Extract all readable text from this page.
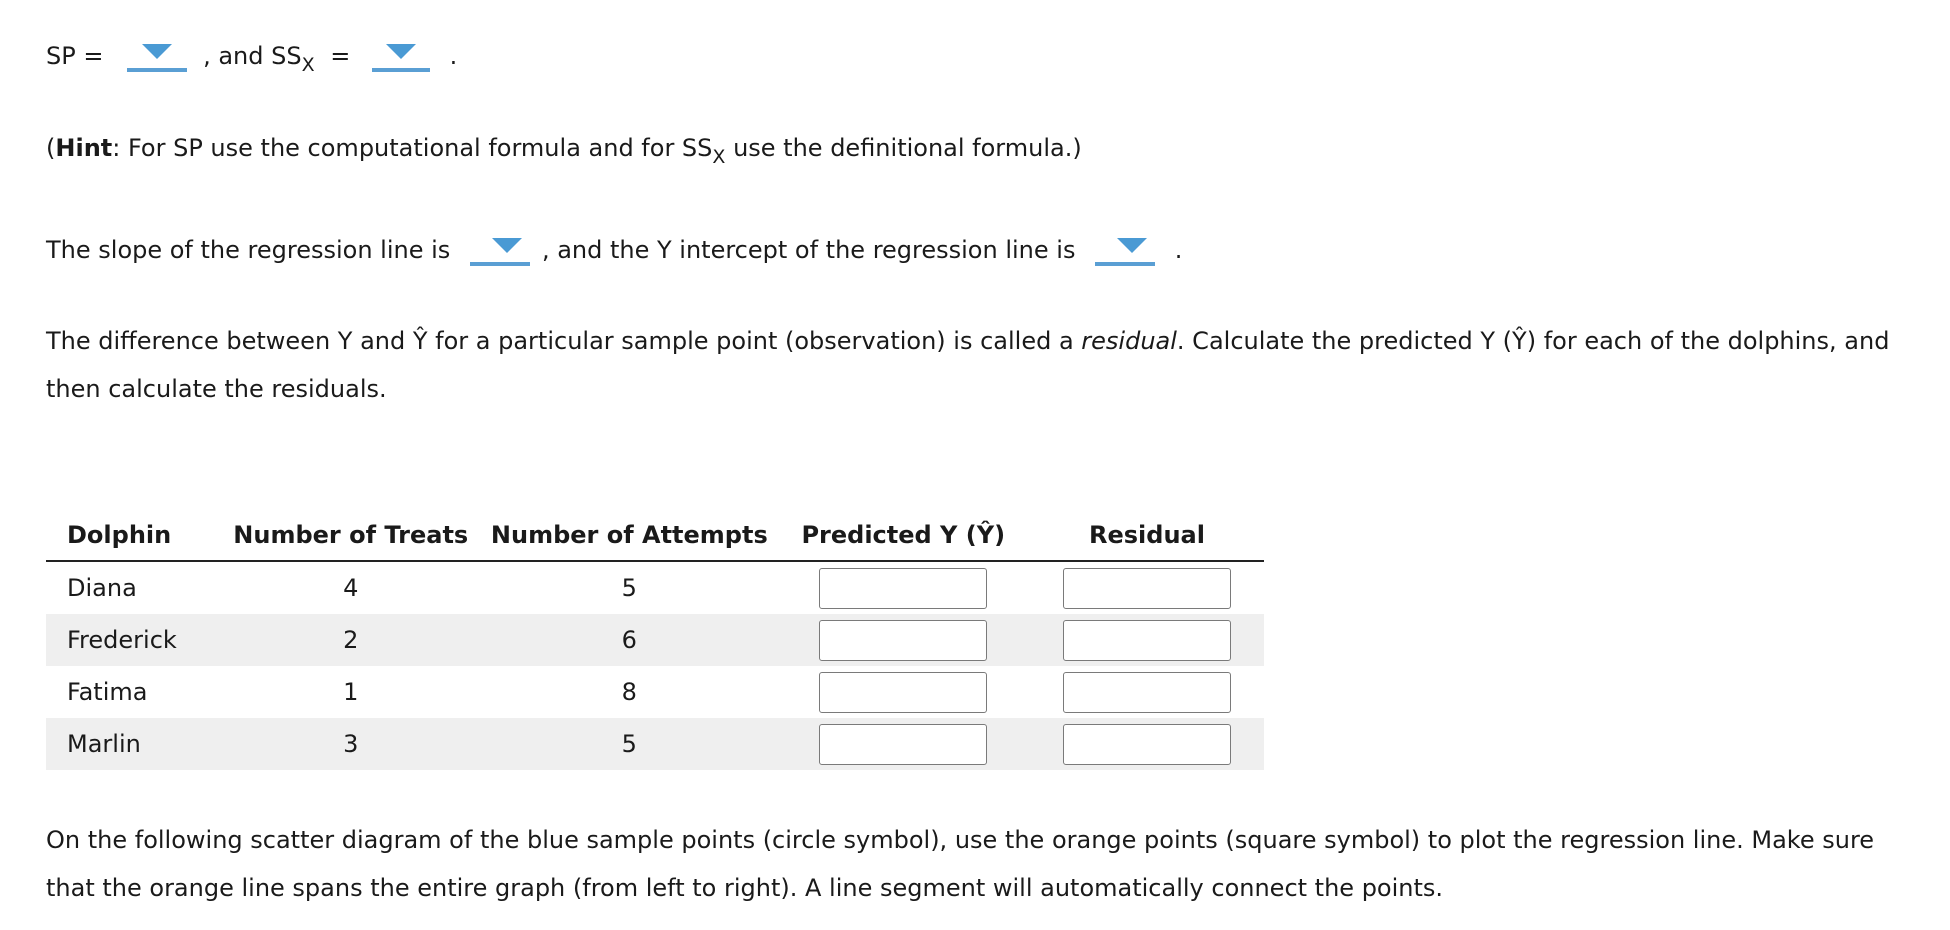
SP =	, and $SS_X$ =	.
(Hint: For SP use the computational formula and for $SS_X$ use the definitional formula.)
The slope of the regression line is	, and the Y intercept of the regression line is	.
The difference between Y and Ŷ for a particular sample point (observation) is called a residual. Calculate the predicted Y (Ŷ) for each of the dolphins, and then calculate the residuals.
Dolphin	Number of Treats	Number of Attempts	Predicted Y (Ŷ)	Residual
Diana	4	5	

Frederick	2	6	

Fatima	1	8	

Marlin	3	5	

On the following scatter diagram of the blue sample points (circle symbol), use the orange points (square symbol) to plot the regression line. Make sure that the orange line spans the entire graph (from left to right). A line segment will automatically connect the points.
